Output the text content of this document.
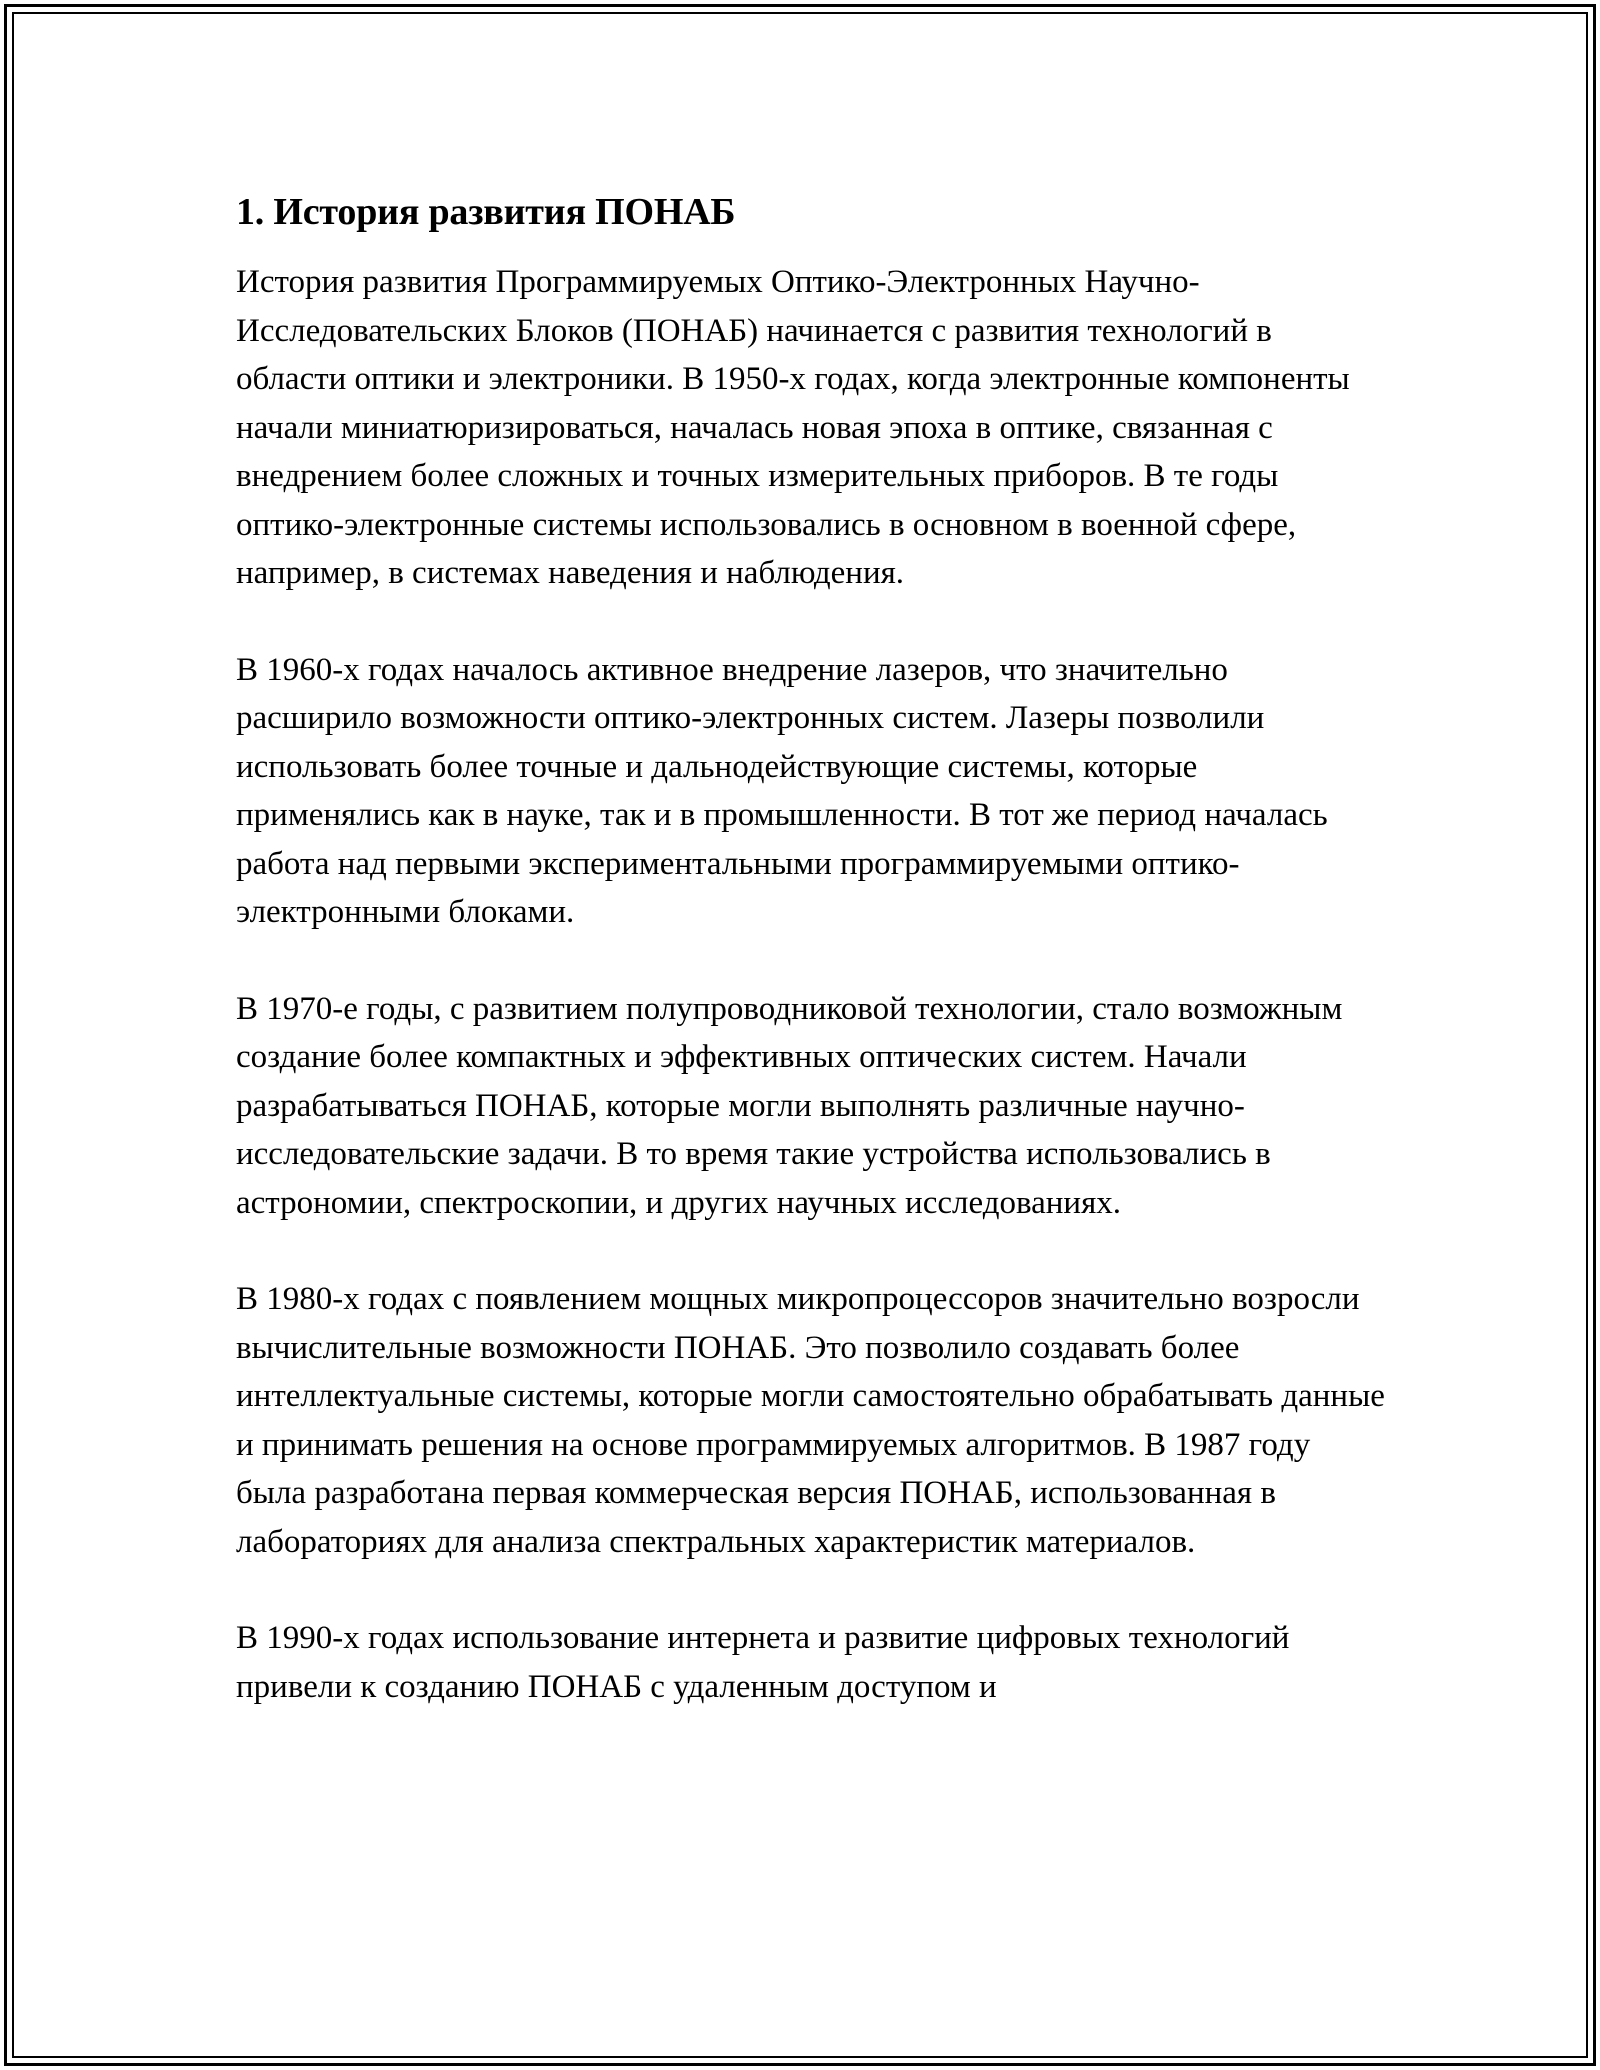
1. История развития ПОНАБ

История развития Программируемых Оптико-Электронных Научно-Исследовательских Блоков (ПОНАБ) начинается с развития технологий в области оптики и электроники. В 1950-х годах, когда электронные компоненты начали миниатюризироваться, началась новая эпоха в оптике, связанная с внедрением более сложных и точных измерительных приборов. В те годы оптико-электронные системы использовались в основном в военной сфере, например, в системах наведения и наблюдения.

В 1960-х годах началось активное внедрение лазеров, что значительно расширило возможности оптико-электронных систем. Лазеры позволили использовать более точные и дальнодействующие системы, которые применялись как в науке, так и в промышленности. В тот же период началась работа над первыми экспериментальными программируемыми оптико-электронными блоками.

В 1970-е годы, с развитием полупроводниковой технологии, стало возможным создание более компактных и эффективных оптических систем. Начали разрабатываться ПОНАБ, которые могли выполнять различные научно-исследовательские задачи. В то время такие устройства использовались в астрономии, спектроскопии, и других научных исследованиях.

В 1980-х годах с появлением мощных микропроцессоров значительно возросли вычислительные возможности ПОНАБ. Это позволило создавать более интеллектуальные системы, которые могли самостоятельно обрабатывать данные и принимать решения на основе программируемых алгоритмов. В 1987 году была разработана первая коммерческая версия ПОНАБ, использованная в лабораториях для анализа спектральных характеристик материалов.

В 1990-х годах использование интернета и развитие цифровых технологий привели к созданию ПОНАБ с удаленным доступом и
